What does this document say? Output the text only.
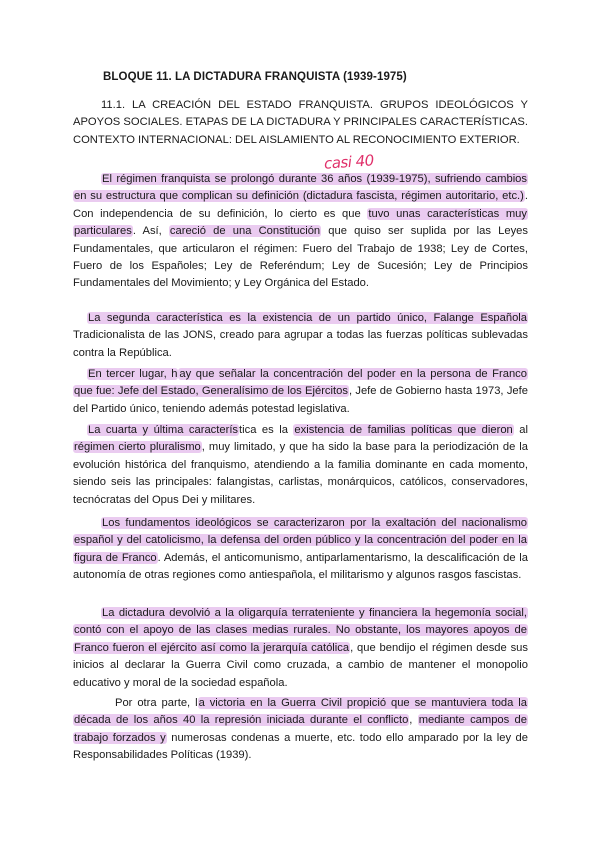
BLOQUE 11. LA DICTADURA FRANQUISTA (1939-1975)

11.1. LA CREACIÓN DEL ESTADO FRANQUISTA. GRUPOS IDEOLÓGICOS Y APOYOS SOCIALES. ETAPAS DE LA DICTADURA Y PRINCIPALES CARACTERÍSTICAS. CONTEXTO INTERNACIONAL: DEL AISLAMIENTO AL RECONOCIMIENTO EXTERIOR.

casi 40

El régimen franquista se prolongó durante 36 años (1939-1975), sufriendo cambios en su estructura que complican su definición (dictadura fascista, régimen autoritario, etc.). Con independencia de su definición, lo cierto es que tuvo unas características muy particulares. Así, careció de una Constitución que quiso ser suplida por las Leyes Fundamentales, que articularon el régimen: Fuero del Trabajo de 1938; Ley de Cortes, Fuero de los Españoles; Ley de Referéndum; Ley de Sucesión; Ley de Principios Fundamentales del Movimiento; y Ley Orgánica del Estado.

La segunda característica es la existencia de un partido único, Falange Española Tradicionalista de las JONS, creado para agrupar a todas las fuerzas políticas sublevadas contra la República.

En tercer lugar, h ay que señalar la concentración del poder en la persona de Franco que fue: Jefe del Estado, Generalísimo de los Ejércitos, Jefe de Gobierno hasta 1973, Jefe del Partido único, teniendo además potestad legislativa.

La cuarta y última característica es la existencia de familias políticas que dieron al régimen cierto pluralismo, muy limitado, y que ha sido la base para la periodización de la evolución histórica del franquismo, atendiendo a la familia dominante en cada momento, siendo seis las principales: falangistas, carlistas, monárquicos, católicos, conservadores, tecnócratas del Opus Dei y militares.

Los fundamentos ideológicos se caracterizaron por la exaltación del nacionalismo español y del catolicismo, la defensa del orden público y la concentración del poder en la figura de Franco. Además, el anticomunismo, antiparlamentarismo, la descalificación de la autonomía de otras regiones como antiespañola, el militarismo y algunos rasgos fascistas.

La dictadura devolvió a la oligarquía terrateniente y financiera la hegemonía social, contó con el apoyo de las clases medias rurales. No obstante, los mayores apoyos de Franco fueron el ejército así como la jerarquía católica, que bendijo el régimen desde sus inicios al declarar la Guerra Civil como cruzada, a cambio de mantener el monopolio educativo y moral de la sociedad española.

Por otra parte, la victoria en la Guerra Civil propició que se mantuviera toda la década de los años 40 la represión iniciada durante el conflicto, mediante campos de trabajo forzados y numerosas condenas a muerte, etc. todo ello amparado por la ley de Responsabilidades Políticas (1939).
